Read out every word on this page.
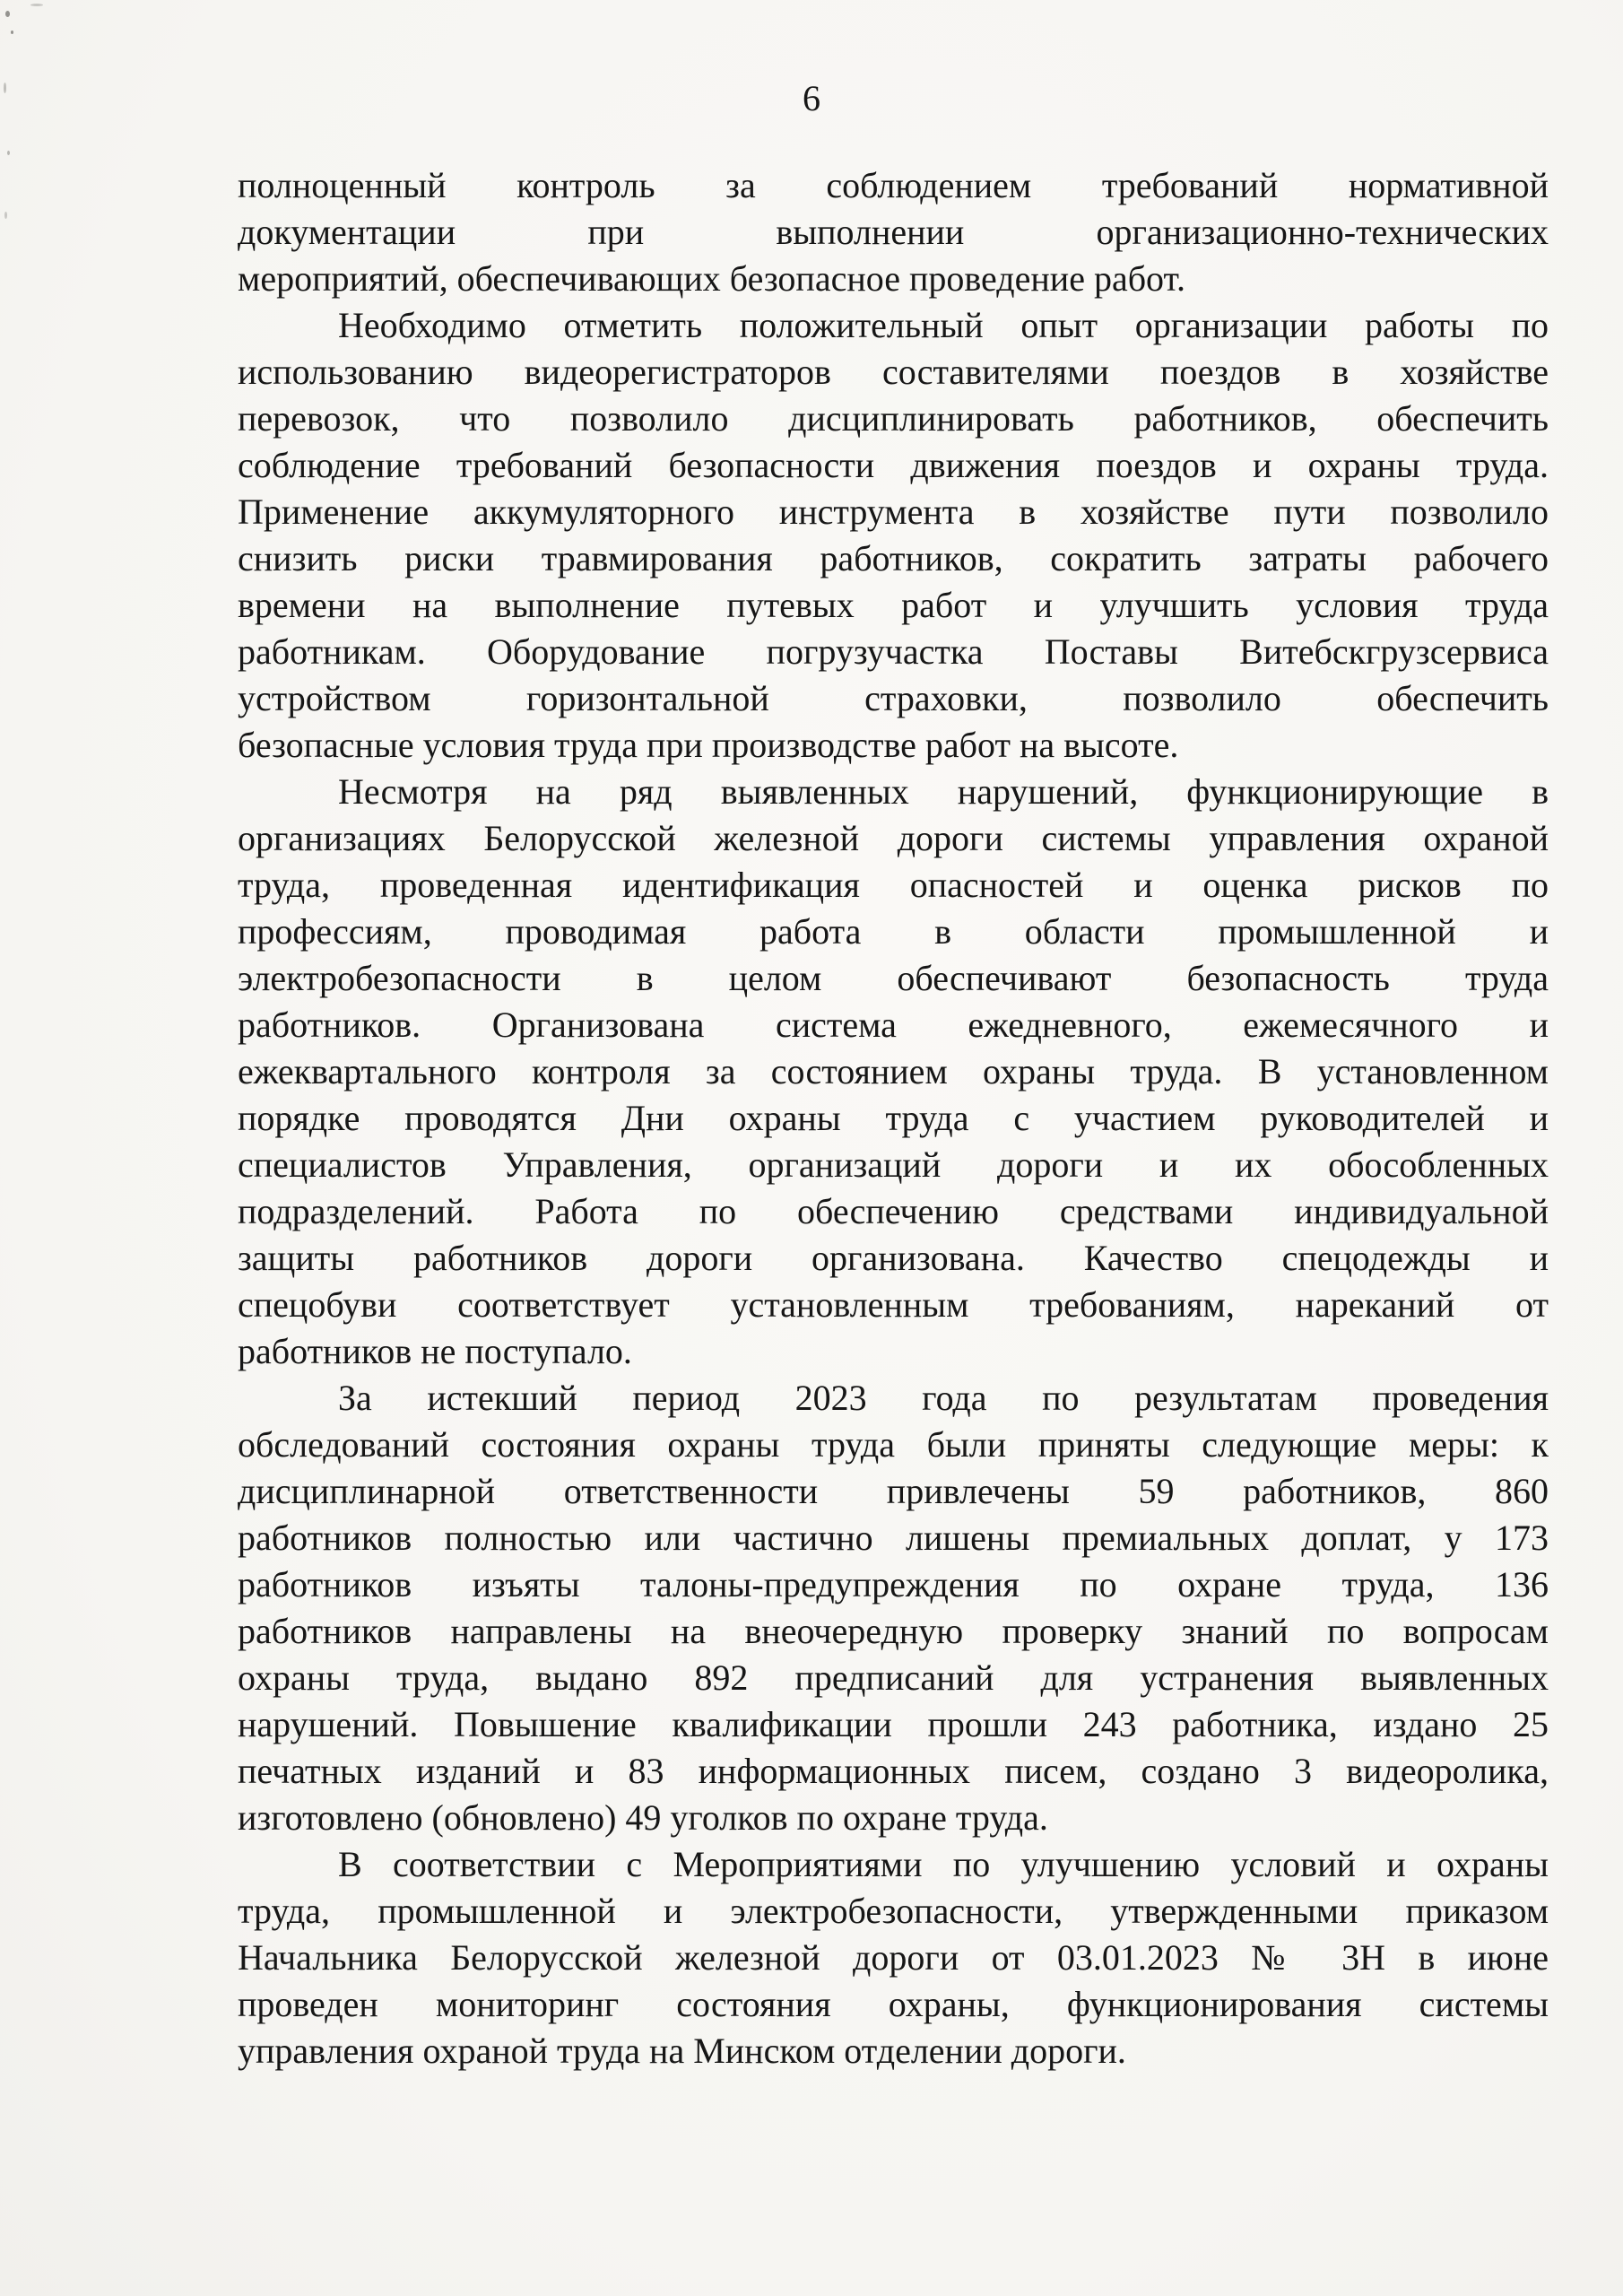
6
полноценный контроль за соблюдением требований нормативной
документации при выполнении организационно-технических
мероприятий, обеспечивающих безопасное проведение работ.
Необходимо отметить положительный опыт организации работы по
использованию видеорегистраторов составителями поездов в хозяйстве
перевозок, что позволило дисциплинировать работников, обеспечить
соблюдение требований безопасности движения поездов и охраны труда.
Применение аккумуляторного инструмента в хозяйстве пути позволило
снизить риски травмирования работников, сократить затраты рабочего
времени на выполнение путевых работ и улучшить условия труда
работникам. Оборудование погрузучастка Поставы Витебскгрузсервиса
устройством горизонтальной страховки, позволило обеспечить
безопасные условия труда при производстве работ на высоте.
Несмотря на ряд выявленных нарушений, функционирующие в
организациях Белорусской железной дороги системы управления охраной
труда, проведенная идентификация опасностей и оценка рисков по
профессиям, проводимая работа в области промышленной и
электробезопасности в целом обеспечивают безопасность труда
работников. Организована система ежедневного, ежемесячного и
ежеквартального контроля за состоянием охраны труда. В установленном
порядке проводятся Дни охраны труда с участием руководителей и
специалистов Управления, организаций дороги и их обособленных
подразделений. Работа по обеспечению средствами индивидуальной
защиты работников дороги организована. Качество спецодежды и
спецобуви соответствует установленным требованиям, нареканий от
работников не поступало.
За истекший период 2023 года по результатам проведения
обследований состояния охраны труда были приняты следующие меры: к
дисциплинарной ответственности привлечены 59 работников, 860
работников полностью или частично лишены премиальных доплат, у 173
работников изъяты талоны-предупреждения по охране труда, 136
работников направлены на внеочередную проверку знаний по вопросам
охраны труда, выдано 892 предписаний для устранения выявленных
нарушений. Повышение квалификации прошли 243 работника, издано 25
печатных изданий и 83 информационных писем, создано 3 видеоролика,
изготовлено (обновлено) 49 уголков по охране труда.
В соответствии с Мероприятиями по улучшению условий и охраны
труда, промышленной и электробезопасности, утвержденными приказом
Начальника Белорусской железной дороги от 03.01.2023 № 3Н в июне
проведен мониторинг состояния охраны, функционирования системы
управления охраной труда на Минском отделении дороги.
